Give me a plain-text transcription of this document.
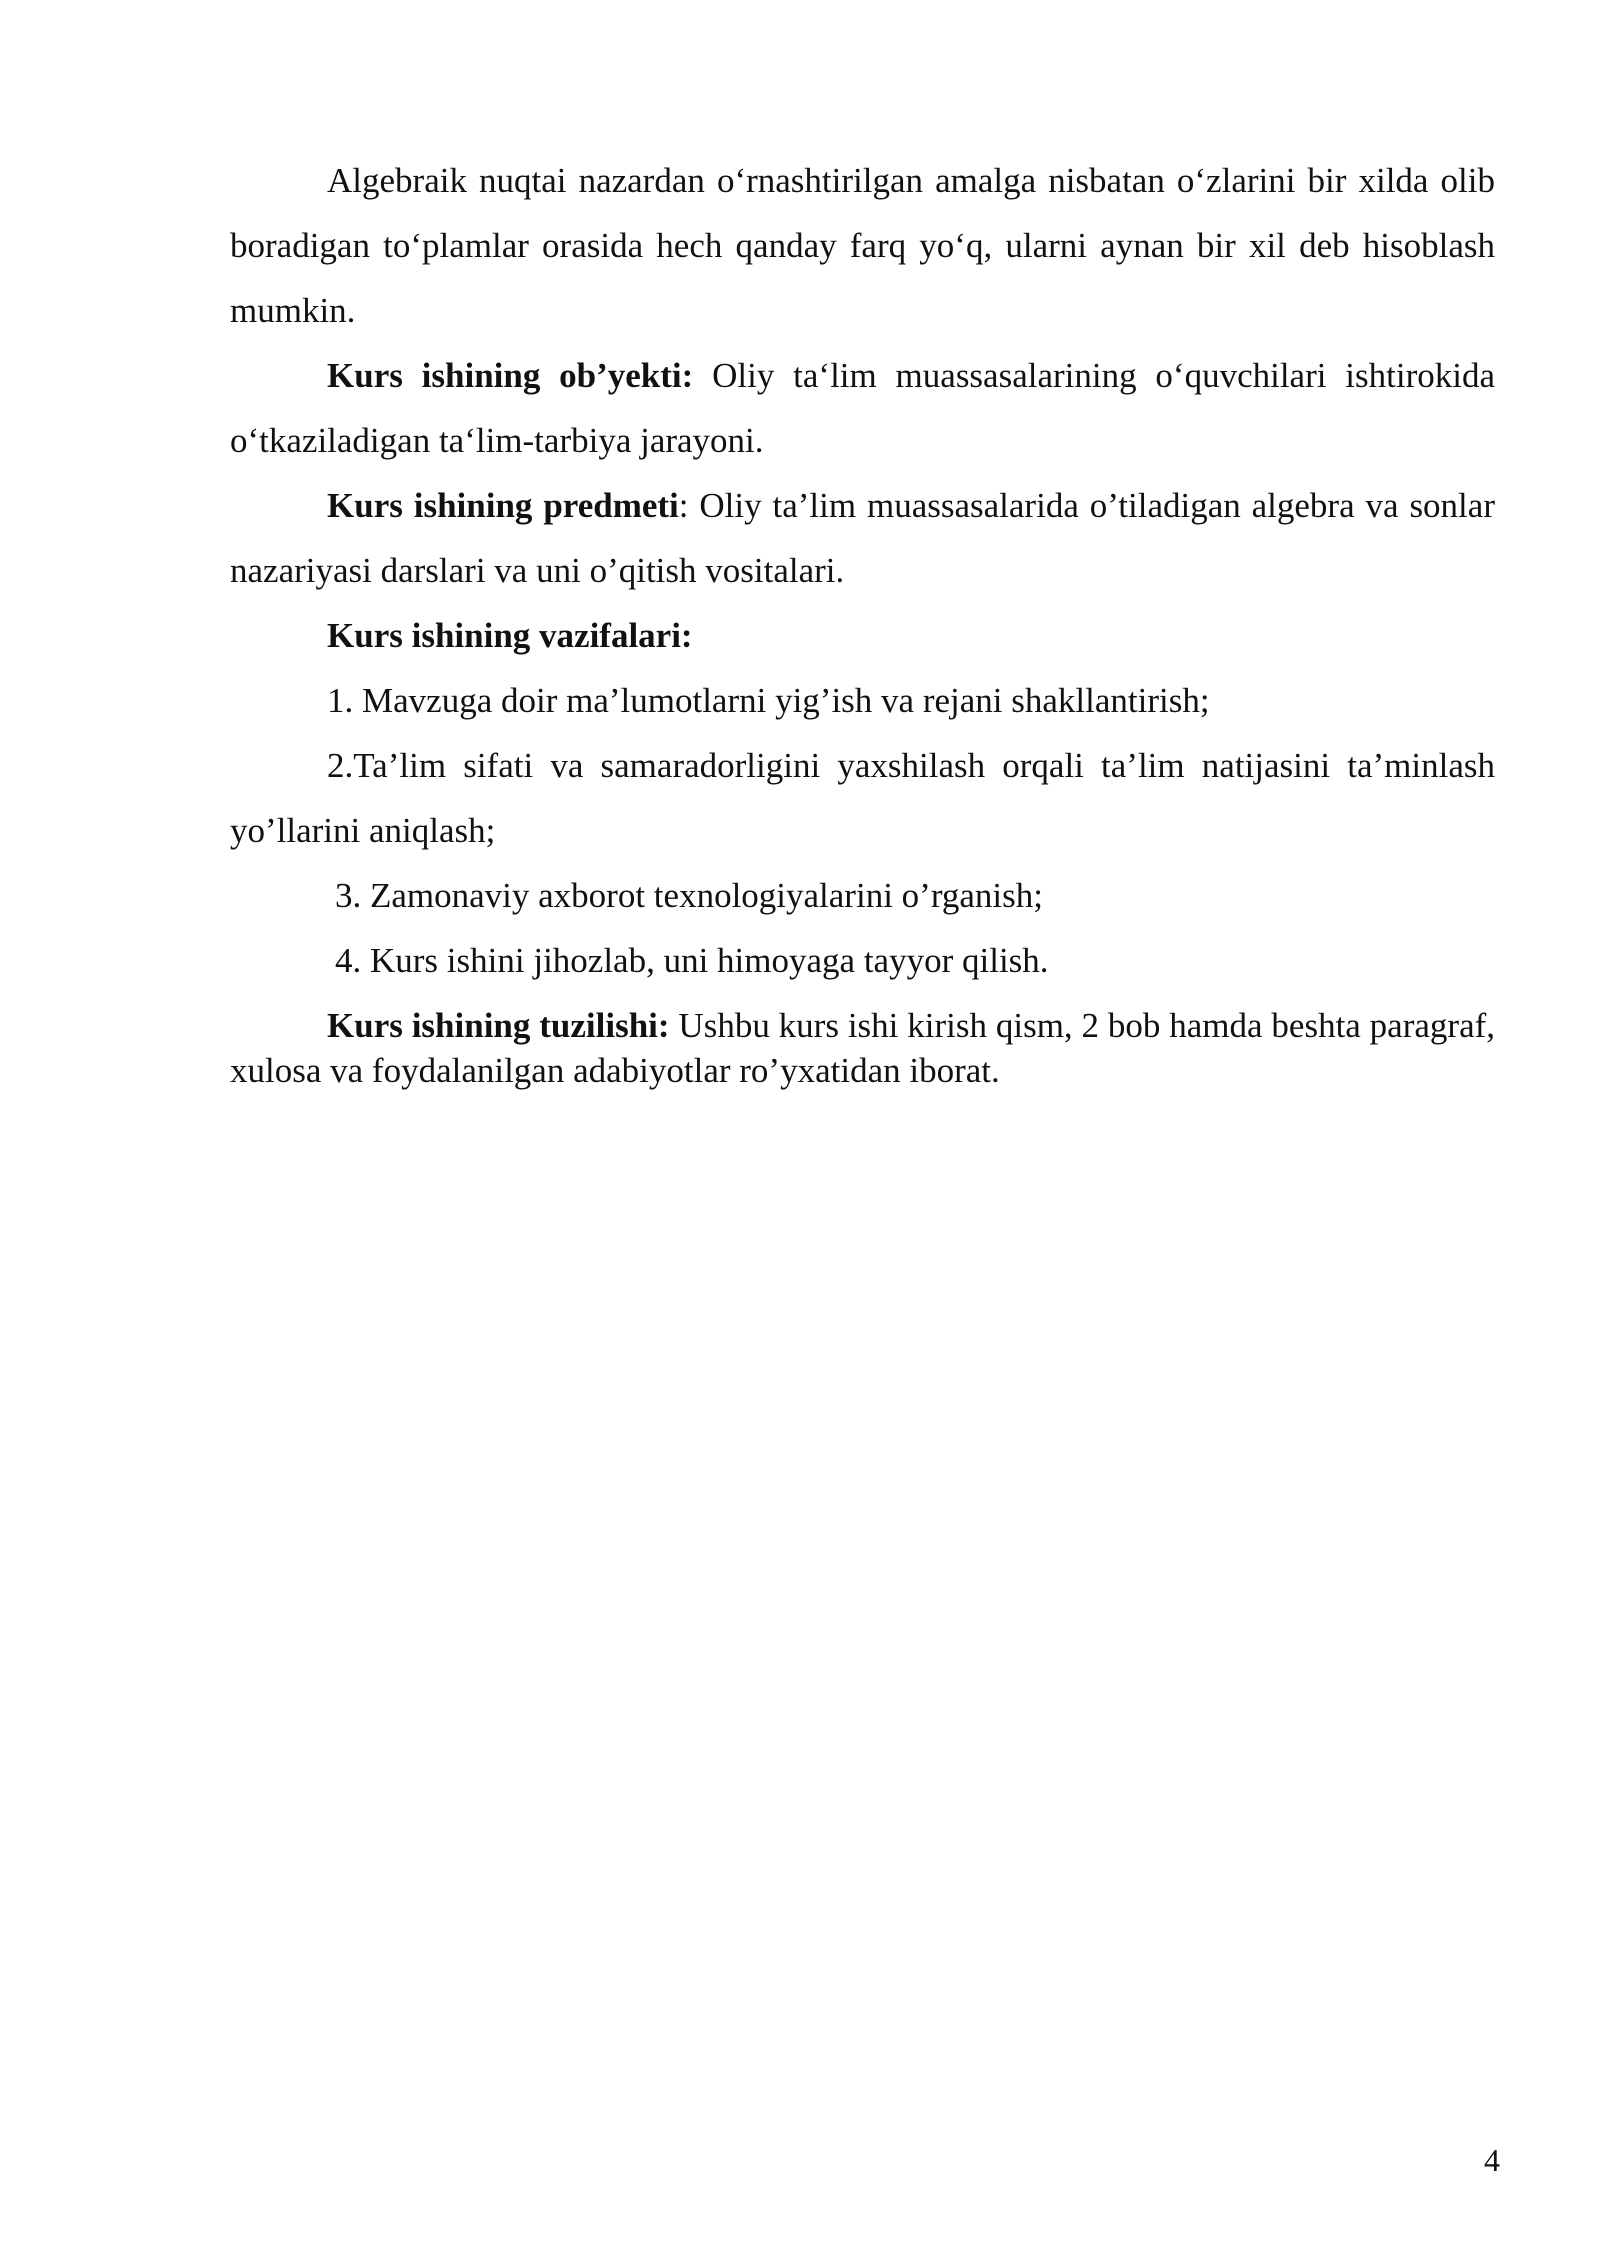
Algebraik nuqtai nazardan o‘rnashtirilgan amalga nisbatan o‘zlarini bir xilda olib boradigan to‘plamlar orasida hech qanday farq yo‘q, ularni aynan bir xil deb hisoblash mumkin.

Kurs ishining ob’yekti: Oliy ta‘lim muassasalarining o‘quvchilari ishtirokida o‘tkaziladigan ta‘lim-tarbiya jarayoni.

Kurs ishining predmeti: Oliy ta’lim muassasalarida o’tiladigan algebra va sonlar nazariyasi darslari va uni o’qitish vositalari.

Kurs ishining vazifalari:

1. Mavzuga doir ma’lumotlarni yig’ish va rejani shakllantirish;

2.Ta’lim sifati va samaradorligini yaxshilash orqali ta’lim natijasini ta’minlash yo’llarini aniqlash;

3. Zamonaviy axborot texnologiyalarini o’rganish;

4. Kurs ishini jihozlab, uni himoyaga tayyor qilish.

Kurs ishining tuzilishi: Ushbu kurs ishi kirish qism, 2 bob hamda beshta paragraf, xulosa va foydalanilgan adabiyotlar ro’yxatidan iborat.

4
